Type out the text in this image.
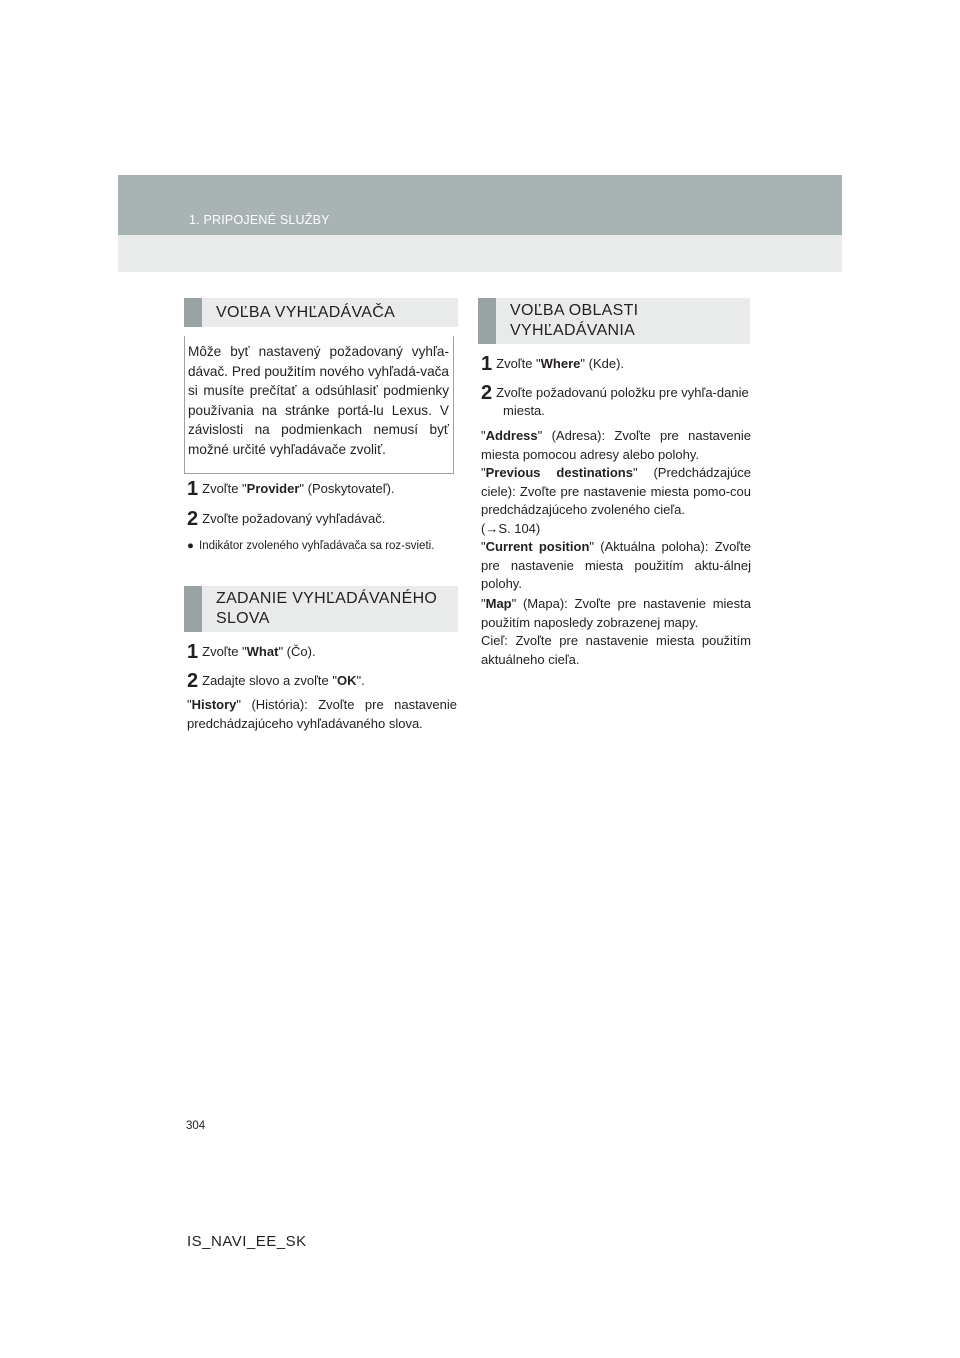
1. PRIPOJENÉ SLUŽBY
VOĽBA VYHĽADÁVAČA
Môže byť nastavený požadovaný vyhľa-dávač. Pred použitím nového vyhľadá-vača si musíte prečítať a odsúhlasiť podmienky používania na stránke portá-lu Lexus. V závislosti na podmienkach nemusí byť možné určité vyhľadávače zvoliť.
1 Zvoľte "Provider" (Poskytovateľ).
2 Zvoľte požadovaný vyhľadávač.
● Indikátor zvoleného vyhľadávača sa roz-svieti.
ZADANIE VYHĽADÁVANÉHO
SLOVA
1 Zvoľte "What" (Čo).
2 Zadajte slovo a zvoľte "OK".
"History" (História): Zvoľte pre nastavenie predchádzajúceho vyhľadávaného slova.
VOĽBA OBLASTI
VYHĽADÁVANIA
1 Zvoľte "Where" (Kde).
2 Zvoľte požadovanú položku pre vyhľa-danie miesta.
"Address" (Adresa): Zvoľte pre nastavenie miesta pomocou adresy alebo polohy.
"Previous destinations" (Predchádzajúce ciele): Zvoľte pre nastavenie miesta pomo-cou predchádzajúceho zvoleného cieľa.
(→S. 104)
"Current position" (Aktuálna poloha): Zvoľte pre nastavenie miesta použitím aktu-álnej polohy.
"Map" (Mapa): Zvoľte pre nastavenie miesta použitím naposledy zobrazenej mapy.
Cieľ: Zvoľte pre nastavenie miesta použitím aktuálneho cieľa.
304
IS_NAVI_EE_SK
